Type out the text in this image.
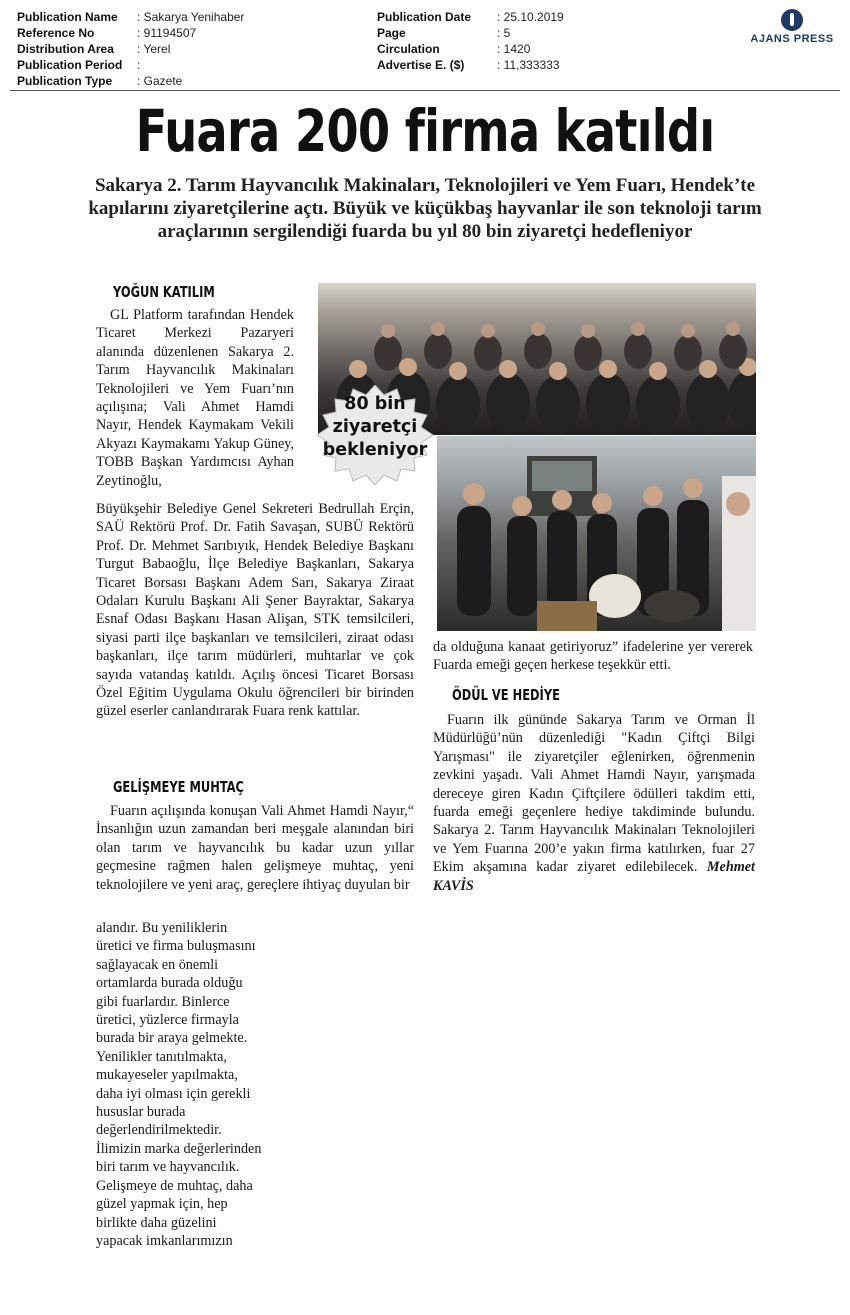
Publication Name	: Sakarya Yenihaber
Reference No	: 91194507
Distribution Area	: Yerel
Publication Period	:
Publication Type	: Gazete
Publication Date	: 25.10.2019
Page	: 5
Circulation	: 1420
Advertise E. ($)	: 11,333333
AJANS PRESS
Fuara 200 firma katıldı
Sakarya 2. Tarım Hayvancılık Makinaları, Teknolojileri ve Yem Fuarı, Hendek’te kapılarını ziyaretçilerine açtı. Büyük ve küçükbaş hayvanlar ile son teknoloji tarım araçlarının sergilendiği fuarda bu yıl 80 bin ziyaretçi hedefleniyor
YOĞUN KATILIM

GL Platform tarafından Hendek Ticaret Merkezi Pazaryeri alanında düzenlenen Sakarya 2. Tarım Hayvancılık Makinaları Teknolojileri ve Yem Fuarı’nın açılışına; Vali Ahmet Hamdi Nayır, Hendek Kaymakam Vekili Akyazı Kaymakamı Yakup Güney, TOBB Başkan Yardımcısı Ayhan Zeytinoğlu,

Büyükşehir Belediye Genel Sekreteri Bedrullah Erçin, SAÜ Rektörü Prof. Dr. Fatih Savaşan, SUBÜ Rektörü Prof. Dr. Mehmet Sarıbıyık, Hendek Belediye Başkanı Turgut Babaoğlu, İlçe Belediye Başkanları, Sakarya Ticaret Borsası Başkanı Adem Sarı, Sakarya Ziraat Odaları Kurulu Başkanı Ali Şener Bayraktar, Sakarya Esnaf Odası Başkanı Hasan Alişan, STK temsilcileri, siyasi parti ilçe başkanları ve temsilcileri, ziraat odası başkanları, ilçe tarım müdürleri, muhtarlar ve çok sayıda vatandaş katıldı. Açılış öncesi Ticaret Borsası Özel Eğitim Uygulama Okulu öğrencileri bir birinden güzel eserler canlandırarak Fuara renk kattılar.

GELİŞMEYE MUHTAÇ

Fuarın açılışında konuşan Vali Ahmet Hamdi Nayır,“ İnsanlığın uzun zamandan beri meşgale alanından biri olan tarım ve hayvancılık bu kadar uzun yıllar geçmesine rağmen halen gelişmeye muhtaç, yeni teknolojilere ve yeni araç, gereçlere ihtiyaç duyulan bir

alandır. Bu yeniliklerin üretici ve firma buluşmasını sağlayacak en önemli ortamlarda burada olduğu gibi fuarlardır. Binlerce üretici, yüzlerce firmayla burada bir araya gelmekte. Yenilikler tanıtılmakta, mukayeseler yapılmakta, daha iyi olması için gerekli hususlar burada değerlendirilmektedir. İlimizin marka değerlerinden biri tarım ve hayvancılık. Gelişmeye de muhtaç, daha güzel yapmak için, hep birlikte daha güzelini yapacak imkanlarımızın

80 bin
ziyaretçi
bekleniyor

da olduğuna kanaat getiriyoruz” ifadelerine yer vererek Fuarda emeği geçen herkese teşekkür etti.

ÖDÜL VE HEDİYE

Fuarın ilk gününde Sakarya Tarım ve Orman İl Müdürlüğü’nün düzenlediği "Kadın Çiftçi Bilgi Yarışması" ile ziyaretçiler eğlenirken, öğrenmenin zevkini yaşadı. Vali Ahmet Hamdi Nayır, yarışmada dereceye giren Kadın Çiftçilere ödülleri takdim etti, fuarda emeği geçenlere hediye takdiminde bulundu. Sakarya 2. Tarım Hayvancılık Makinaları Teknolojileri ve Yem Fuarına 200’e yakın firma katılırken, fuar 27 Ekim akşamına kadar ziyaret edilebilecek. Mehmet KAVİS
